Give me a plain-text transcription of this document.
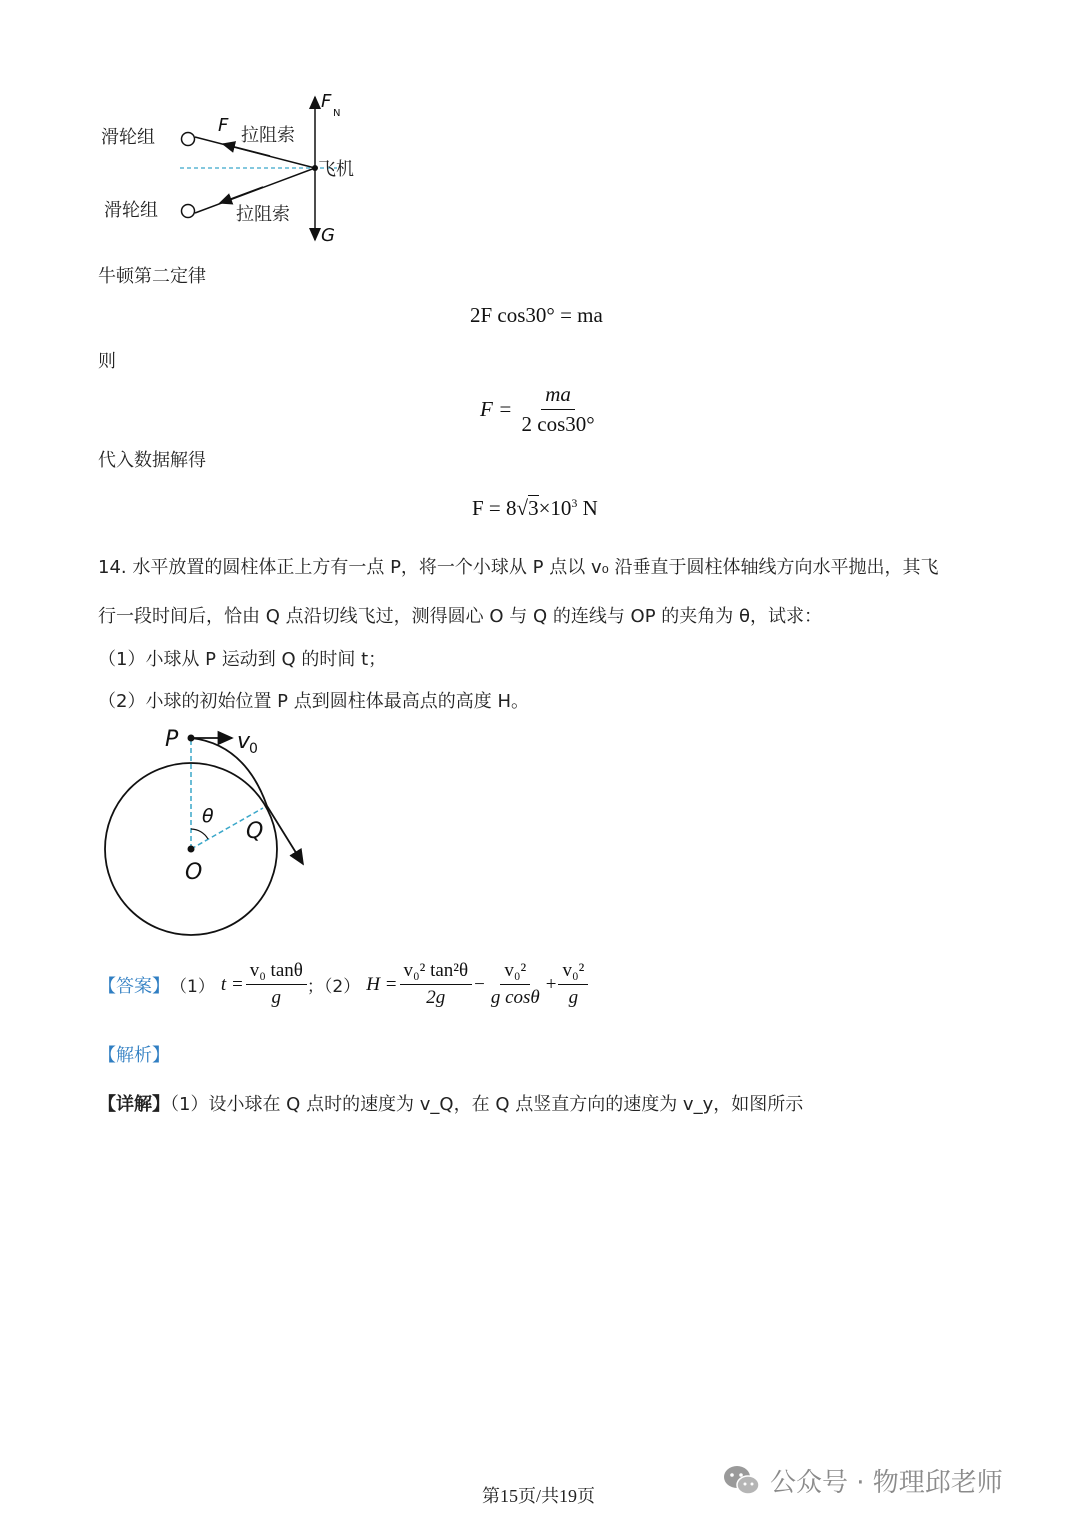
滑轮组
滑轮组
拉阻索
拉阻索
飞机
F
F
N
G
牛顿第二定律
2F cos30° = ma
则
$F = \frac{ma}{2 \cos 30^\circ}$
代入数据解得
$F = 8√3\times 10^3$ N
14. 水平放置的圆柱体正上方有一点 P，将一个小球从 P 点以 v₀ 沿垂直于圆柱体轴线方向水平抛出，其飞
行一段时间后，恰由 Q 点沿切线飞过，测得圆心 O 与 Q 的连线与 OP 的夹角为 θ，试求：
（1）小球从 P 运动到 Q 的时间 t；
（2）小球的初始位置 P 点到圆柱体最高点的高度 H。
P	v
0
θ
Q
O
【答案】 （1） $t = \frac{\text{v₀ tanθ}}{g}$ ；（2） $H = \frac{\text{v₀² tan²θ}}{2g} - \frac{\text{v₀²}}{\text{g cosθ}} + \frac{\text{v₀²}}{g}$
【解析】
【详解】（1）设小球在 Q 点时的速度为 v_Q，在 Q 点竖直方向的速度为 v_y，如图所示
第15页/共19页	公众号 · 物理邱老师
